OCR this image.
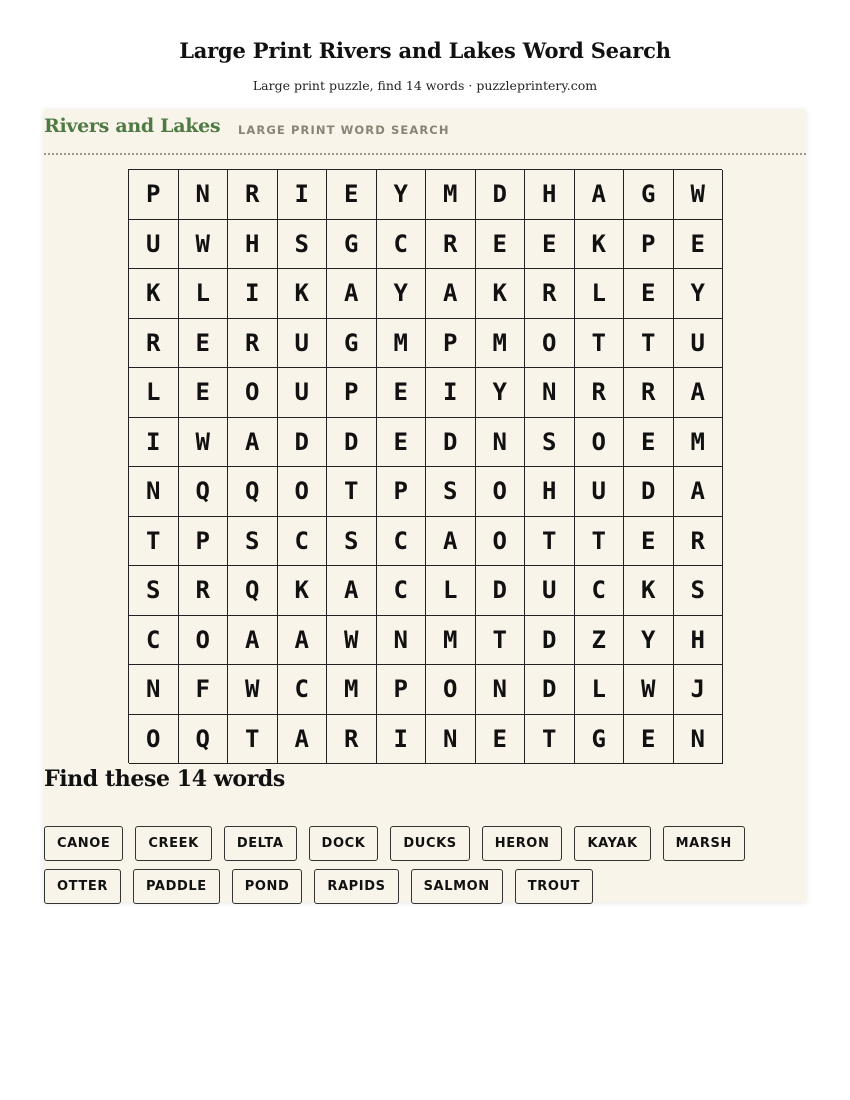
Large Print Rivers and Lakes Word Search
Large print puzzle, find 14 words · puzzleprintery.com
Rivers and Lakes LARGE PRINT WORD SEARCH
P	N	R	I	E	Y	M	D	H	A	G	W
U	W	H	S	G	C	R	E	E	K	P	E
K	L	I	K	A	Y	A	K	R	L	E	Y
R	E	R	U	G	M	P	M	O	T	T	U
L	E	O	U	P	E	I	Y	N	R	R	A
I	W	A	D	D	E	D	N	S	O	E	M
N	Q	Q	O	T	P	S	O	H	U	D	A
T	P	S	C	S	C	A	O	T	T	E	R
S	R	Q	K	A	C	L	D	U	C	K	S
C	O	A	A	W	N	M	T	D	Z	Y	H
N	F	W	C	M	P	O	N	D	L	W	J
O	Q	T	A	R	I	N	E	T	G	E	N
Find these 14 words
CANOE	CREEK	DELTA	DOCK	DUCKS	HERON	KAYAK	MARSH
OTTER	PADDLE	POND	RAPIDS	SALMON	TROUT
